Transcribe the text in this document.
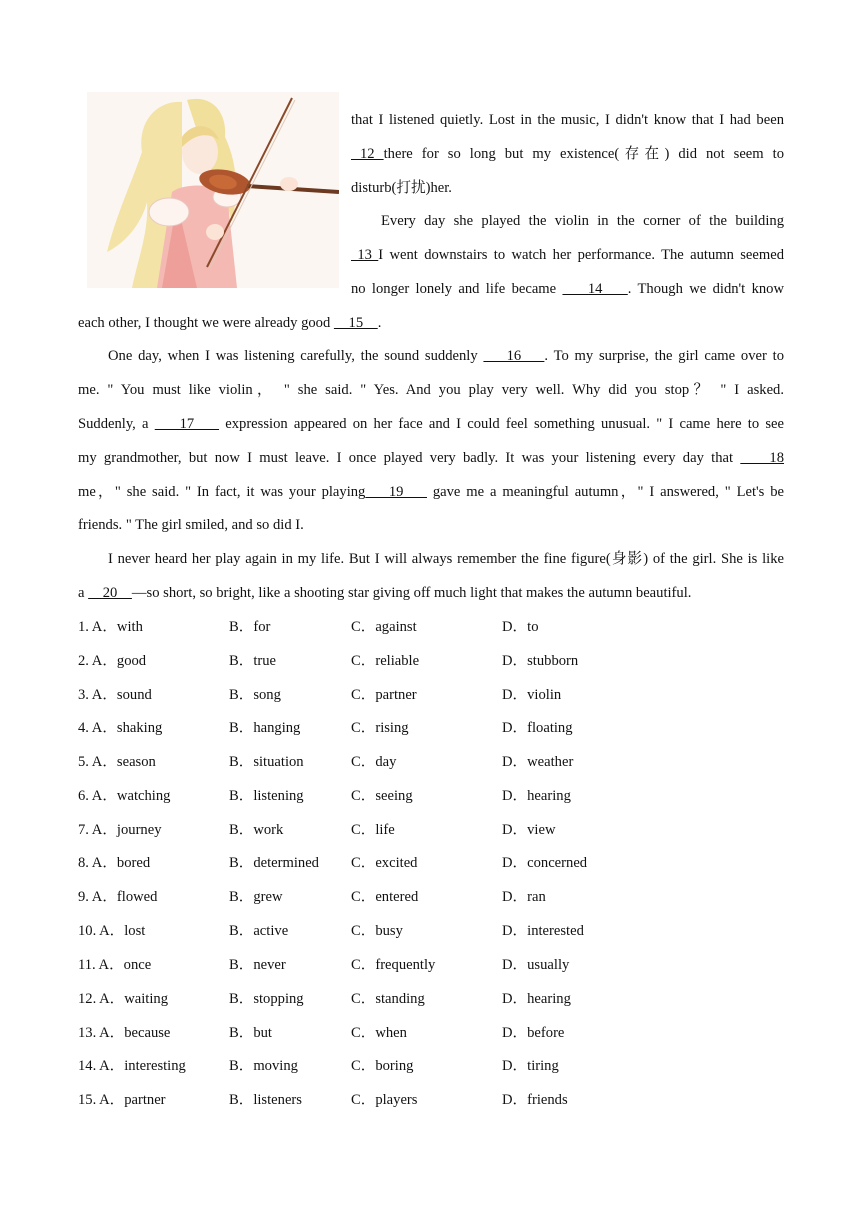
that I listened quietly. Lost in the music, I didn't know that I had been
12 there for so long but my existence(存在) did not seem to
disturb(打扰)her.
Every day she played the violin in the corner of the building
13 I went downstairs to watch her performance. The autumn seemed
no longer lonely and life became     14    . Though we didn't know
each other, I thought we were already good     15    .
One day, when I was listening carefully, the sound suddenly     16    . To my surprise, the girl came over to
me. " You must like violin， " she said. " Yes. And you play very well. Why did you stop？ " I asked.
Suddenly, a     17     expression appeared on her face and I could feel something unusual. " I came here to see
my grandmother, but now I must leave. I once played very badly. It was your listening every day that     18
me，" she said. " In fact, it was your playing    19     gave me a meaningful autumn，" I answered, " Let's be
friends. " The girl smiled, and so did I.
I never heard her play again in my life. But I will always remember the fine figure(身影) of the girl. She is like
a     20    —so short, so bright, like a shooting star giving off much light that makes the autumn beautiful.
1. A．with	B．for	C．against	D．to
2. A．good	B．true	C．reliable	D．stubborn
3. A．sound	B．song	C．partner	D．violin
4. A．shaking	B．hanging	C．rising	D．floating
5. A．season	B．situation	C．day	D．weather
6. A．watching	B．listening	C．seeing	D．hearing
7. A．journey	B．work	C．life	D．view
8. A．bored	B．determined C．excited	D．concerned
9. A．flowed	B．grew	C．entered	D．ran
10. A．lost	B．active	C．busy	D．interested
11. A．once	B．never	C．frequently	D．usually
12. A．waiting	B．stopping	C．standing	D．hearing
13. A．because	B．but	C．when	D．before
14. A．interesting	B．moving	C．boring	D．tiring
15. A．partner	B．listeners	C．players	D．friends
